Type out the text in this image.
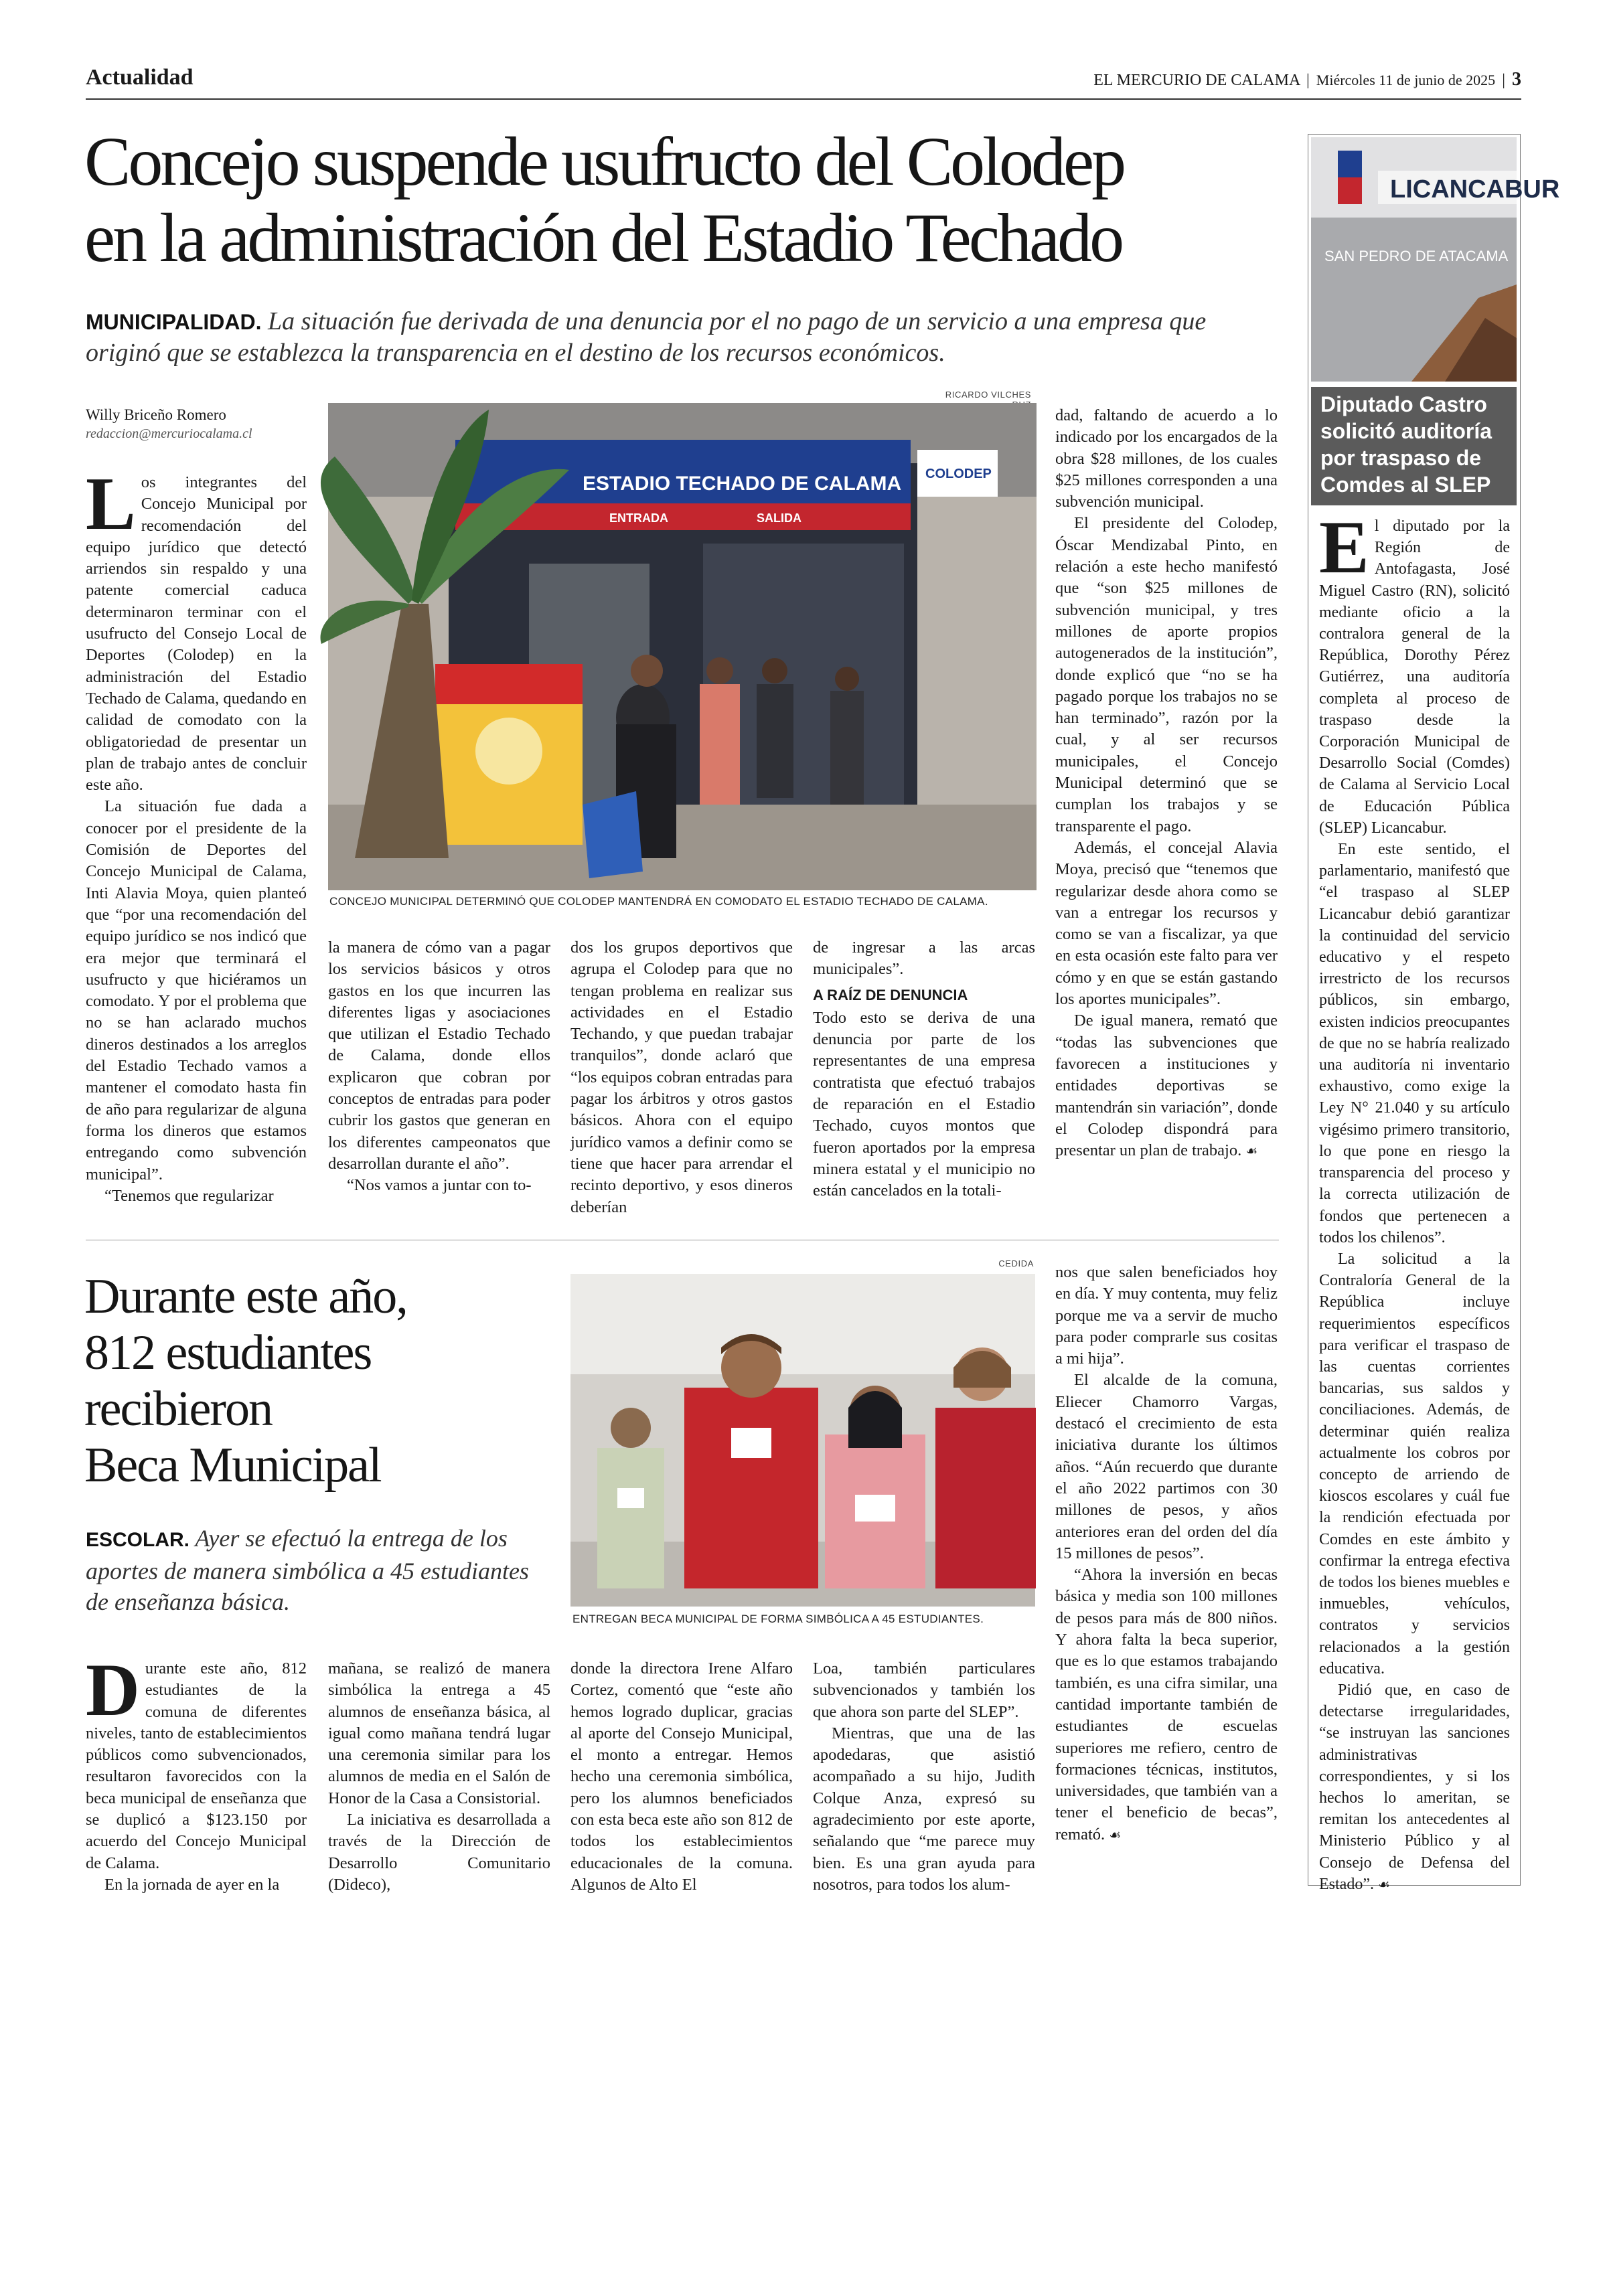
Actualidad	EL MERCURIO DE CALAMA | Miércoles 11 de junio de 2025 | 3
Concejo suspende usufructo del Colodep
en la administración del Estadio Techado
MUNICIPALIDAD. La situación fue derivada de una denuncia por el no pago de un servicio a una empresa que originó que se establezca la transparencia en el destino de los recursos económicos.
Willy Briceño Romero
redaccion@mercuriocalama.cl
RICARDO VILCHES
ESTADIO TECHADO DE CALAMA
ENTRADA	SALIDA
COLODEP
CONCEJO MUNICIPAL DETERMINÓ QUE COLODEP MANTENDRÁ EN COMODATO EL ESTADIO TECHADO DE CALAMA.

Los integrantes del Concejo Municipal por recomendación del equipo jurídico que detectó arriendos sin respaldo y una patente comercial caduca determinaron terminar con el usufructo del Consejo Local de Deportes (Colodep) en la administración del Estadio Techado de Calama, quedando en calidad de comodato con la obligatoriedad de presentar un plan de trabajo antes de concluir este año.

La situación fue dada a conocer por el presidente de la Comisión de Deportes del Concejo Municipal de Calama, Inti Alavia Moya, quien planteó que “por una recomendación del equipo jurídico se nos indicó que era mejor que terminará el usufructo y que hiciéramos un comodato. Y por el problema que no se han aclarado muchos dineros destinados a los arreglos del Estadio Techado vamos a mantener el comodato hasta fin de año para regularizar de alguna forma los dineros que estamos entregando como subvención municipal”.

“Tenemos que regularizar

la manera de cómo van a pagar los servicios básicos y otros gastos en los que incurren las diferentes ligas y asociaciones que utilizan el Estadio Techado de Calama, donde ellos explicaron que cobran por conceptos de entradas para poder cubrir los gastos que generan en los diferentes campeonatos que desarrollan durante el año”.

“Nos vamos a juntar con to-

dos los grupos deportivos que agrupa el Colodep para que no tengan problema en realizar sus actividades en el Estadio Techando, y que puedan trabajar tranquilos”, donde aclaró que “los equipos cobran entradas para pagar los árbitros y otros gastos básicos. Ahora con el equipo jurídico vamos a definir como se tiene que hacer para arrendar el recinto deportivo, y esos dineros deberían

de ingresar a las arcas municipales”.

A RAÍZ DE DENUNCIA

Todo esto se deriva de una denuncia por parte de los representantes de una empresa contratista que efectuó trabajos de reparación en el Estadio Techado, cuyos montos que fueron aportados por la empresa minera estatal y el municipio no están cancelados en la totali-

dad, faltando de acuerdo a lo indicado por los encargados de la obra $28 millones, de los cuales $25 millones corresponden a una subvención municipal.

El presidente del Colodep, Óscar Mendizabal Pinto, en relación a este hecho manifestó que “son $25 millones de subvención municipal, y tres millones de aporte propios autogenerados de la institución”, donde explicó que “no se ha pagado porque los trabajos no se han terminado”, razón por la cual, y al ser recursos municipales, el Concejo Municipal determinó que se cumplan los trabajos y se transparente el pago.

Además, el concejal Alavia Moya, precisó que “tenemos que regularizar desde ahora como se van a entregar los recursos y como se van a fiscalizar, ya que en esta ocasión este falto para ver cómo y en que se están gastando los aportes municipales”.

De igual manera, remató que “todas las subvenciones que favorecen a instituciones y entidades deportivas se mantendrán sin variación”, donde el Colodep dispondrá para presentar un plan de trabajo. ☙

LICANCABUR
SAN PEDRO DE ATACAMA
Diputado Castro solicitó auditoría por traspaso de Comdes al SLEP

El diputado por la Región de Antofagasta, José Miguel Castro (RN), solicitó mediante oficio a la contralora general de la República, Dorothy Pérez Gutiérrez, una auditoría completa al proceso de traspaso desde la Corporación Municipal de Desarrollo Social (Comdes) de Calama al Servicio Local de Educación Pública (SLEP) Licancabur.

En este sentido, el parlamentario, manifestó que “el traspaso al SLEP Licancabur debió garantizar la continuidad del servicio educativo y el respeto irrestricto de los recursos públicos, sin embargo, existen indicios preocupantes de que no se habría realizado una auditoría ni inventario exhaustivo, como exige la Ley N° 21.040 y su artículo vigésimo primero transitorio, lo que pone en riesgo la transparencia del proceso y la correcta utilización de fondos que pertenecen a todos los chilenos”.

La solicitud a la Contraloría General de la República incluye requerimientos específicos para verificar el traspaso de las cuentas corrientes bancarias, sus saldos y conciliaciones. Además, de determinar quién realiza actualmente los cobros por concepto de arriendo de kioscos escolares y cuál fue la rendición efectuada por Comdes en este ámbito y confirmar la entrega efectiva de todos los bienes muebles e inmuebles, vehículos, contratos y servicios relacionados a la gestión educativa.

Pidió que, en caso de detectarse irregularidades, “se instruyan las sanciones administrativas correspondientes, y si los hechos lo ameritan, se remitan los antecedentes al Ministerio Público y al Consejo de Defensa del Estado”. ☙

Durante este año,
812 estudiantes
recibieron
Beca Municipal
ESCOLAR. Ayer se efectuó la entrega de los aportes de manera simbólica a 45 estudiantes de enseñanza básica.
CEDIDA
ENTREGAN BECA MUNICIPAL DE FORMA SIMBÓLICA A 45 ESTUDIANTES.

Durante este año, 812 estudiantes de la comuna de diferentes niveles, tanto de establecimientos públicos como subvencionados, resultaron favorecidos con la beca municipal de enseñanza que se duplicó a $123.150 por acuerdo del Concejo Municipal de Calama.

En la jornada de ayer en la

mañana, se realizó de manera simbólica la entrega a 45 alumnos de enseñanza básica, al igual como mañana tendrá lugar una ceremonia similar para los alumnos de media en el Salón de Honor de la Casa a Consistorial.

La iniciativa es desarrollada a través de la Dirección de Desarrollo Comunitario (Dideco),

donde la directora Irene Alfaro Cortez, comentó que “este año hemos logrado duplicar, gracias al aporte del Consejo Municipal, el monto a entregar. Hemos hecho una ceremonia simbólica, pero los alumnos beneficiados con esta beca este año son 812 de todos los establecimientos educacionales de la comuna. Algunos de Alto El

Loa, también particulares subvencionados y también los que ahora son parte del SLEP”.

Mientras, que una de las apodedaras, que asistió acompañado a su hijo, Judith Colque Anza, expresó su agradecimiento por este aporte, señalando que “me parece muy bien. Es una gran ayuda para nosotros, para todos los alum-

nos que salen beneficiados hoy en día. Y muy contenta, muy feliz porque me va a servir de mucho para poder comprarle sus cositas a mi hija”.

El alcalde de la comuna, Eliecer Chamorro Vargas, destacó el crecimiento de esta iniciativa durante los últimos años. “Aún recuerdo que durante el año 2022 partimos con 30 millones de pesos, y años anteriores eran del orden del día 15 millones de pesos”.

“Ahora la inversión en becas básica y media son 100 millones de pesos para más de 800 niños. Y ahora falta la beca superior, que es lo que estamos trabajando también, es una cifra similar, una cantidad importante también de estudiantes de escuelas superiores me refiero, centro de formaciones técnicas, institutos, universidades, que también van a tener el beneficio de becas”, remató. ☙
